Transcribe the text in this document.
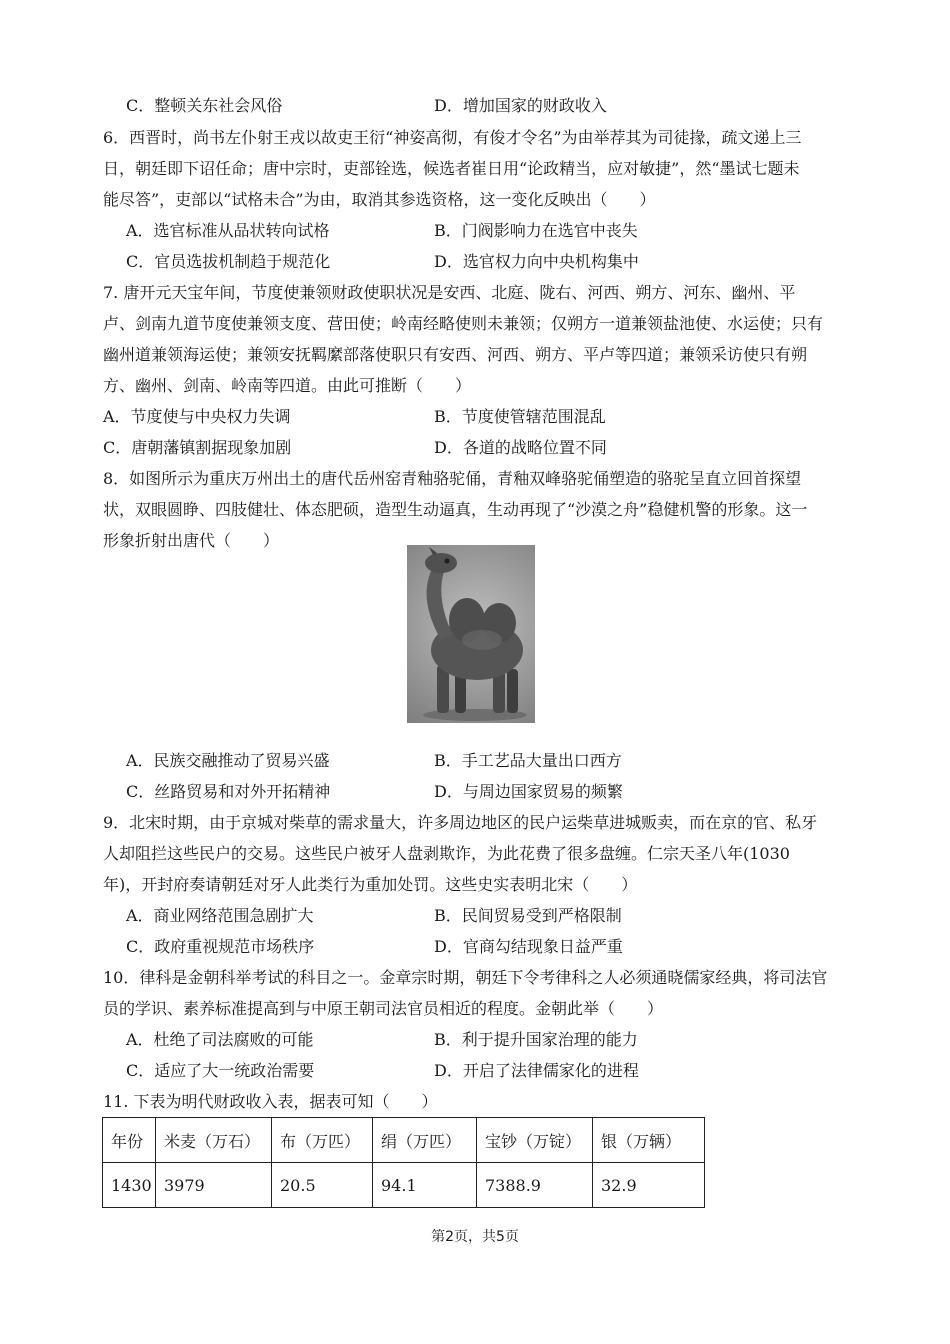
C．整顿关东社会风俗	D．增加国家的财政收入
6．西晋时，尚书左仆射王戎以故吏王衍“神姿高彻，有俊才令名”为由举荐其为司徒掾，疏文递上三
日，朝廷即下诏任命；唐中宗时，吏部铨选，候选者崔日用“论政精当，应对敏捷”，然“墨试七题未
能尽答”，吏部以“试格未合”为由，取消其参选资格，这一变化反映出（　　）
A．选官标准从品状转向试格	B．门阀影响力在选官中丧失
C．官员选拔机制趋于规范化	D．选官权力向中央机构集中
7. 唐开元天宝年间，节度使兼领财政使职状况是安西、北庭、陇右、河西、朔方、河东、幽州、平
卢、剑南九道节度使兼领支度、营田使；岭南经略使则未兼领；仅朔方一道兼领盐池使、水运使；只有
幽州道兼领海运使；兼领安抚羁縻部落使职只有安西、河西、朔方、平卢等四道；兼领采访使只有朔
方、幽州、剑南、岭南等四道。由此可推断（　　）
A．节度使与中央权力失调	B．节度使管辖范围混乱
C．唐朝藩镇割据现象加剧	D．各道的战略位置不同
8．如图所示为重庆万州出土的唐代岳州窑青釉骆驼俑，青釉双峰骆驼俑塑造的骆驼呈直立回首探望
状，双眼圆睁、四肢健壮、体态肥硕，造型生动逼真，生动再现了“沙漠之舟”稳健机警的形象。这一
形象折射出唐代（　　）
A．民族交融推动了贸易兴盛	B．手工艺品大量出口西方
C．丝路贸易和对外开拓精神	D．与周边国家贸易的频繁
9．北宋时期，由于京城对柴草的需求量大，许多周边地区的民户运柴草进城贩卖，而在京的官、私牙
人却阻拦这些民户的交易。这些民户被牙人盘剥欺诈，为此花费了很多盘缠。仁宗天圣八年(1030
年)，开封府奏请朝廷对牙人此类行为重加处罚。这些史实表明北宋（　　）
A．商业网络范围急剧扩大	B．民间贸易受到严格限制
C．政府重视规范市场秩序	D．官商勾结现象日益严重
10．律科是金朝科举考试的科目之一。金章宗时期，朝廷下令考律科之人必须通晓儒家经典，将司法官
员的学识、素养标准提高到与中原王朝司法官员相近的程度。金朝此举（　　）
A．杜绝了司法腐败的可能	B．利于提升国家治理的能力
C．适应了大一统政治需要	D．开启了法律儒家化的进程
11. 下表为明代财政收入表，据表可知（　　）
年份	米麦（万石）	布（万匹）	绢（万匹）	宝钞（万锭）	银（万辆）
1430	3979	20.5	94.1	7388.9	32.9
第2页，共5页
